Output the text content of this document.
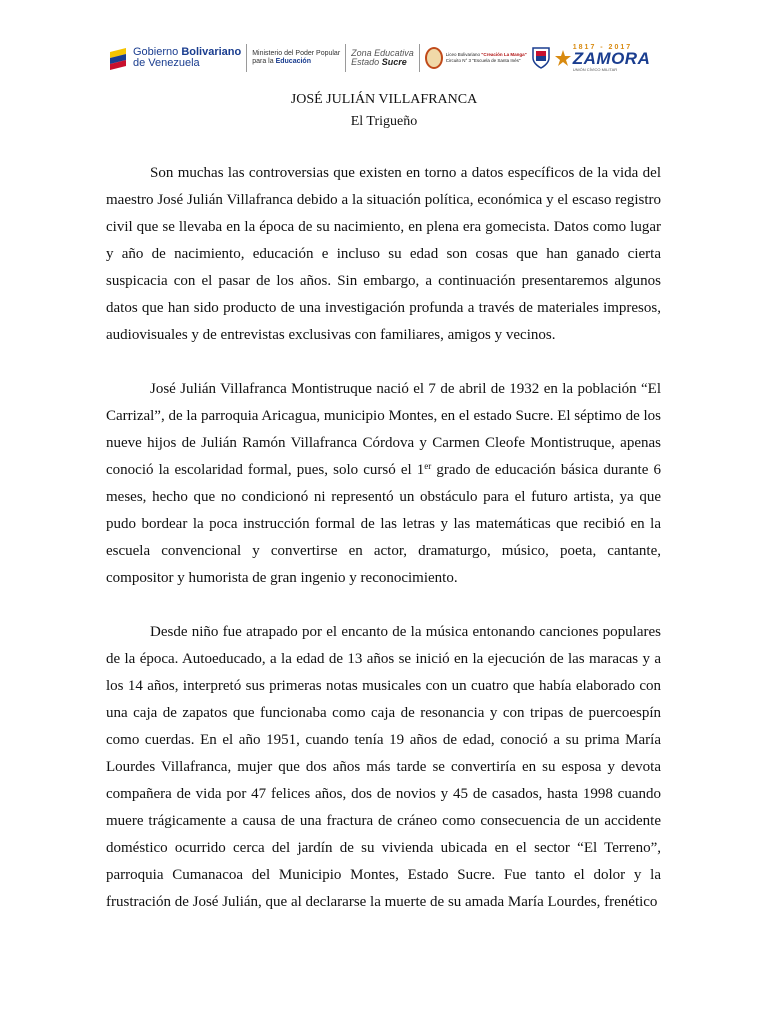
Gobierno Bolivariano
de Venezuela
Ministerio del Poder Popular
para la Educación
Zona Educativa
Estado Sucre
Liceo Bolivariano "Creación La Manga"
Circuito N° 3 "Escuela de Santa Inés"
1817 - 2017
ZAMORA
UNIÓN CÍVICO MILITAR
JOSÉ JULIÁN VILLAFRANCA
El Trigueño

Son muchas las controversias que existen en torno a datos específicos de la vida del maestro José Julián Villafranca debido a la situación política, económica y el escaso registro civil que se llevaba en la época de su nacimiento, en plena era gomecista. Datos como lugar y año de nacimiento, educación e incluso su edad son cosas que han ganado cierta suspicacia con el pasar de los años. Sin embargo, a continuación presentaremos algunos datos que han sido producto de una investigación profunda a través de materiales impresos, audiovisuales y de entrevistas exclusivas con familiares, amigos y vecinos.

José Julián Villafranca Montistruque nació el 7 de abril de 1932 en la población “El Carrizal”, de la parroquia Aricagua, municipio Montes, en el estado Sucre. El séptimo de los nueve hijos de Julián Ramón Villafranca Córdova y Carmen Cleofe Montistruque, apenas conoció la escolaridad formal, pues, solo cursó el 1er grado de educación básica durante 6 meses, hecho que no condicionó ni representó un obstáculo para el futuro artista, ya que pudo bordear la poca instrucción formal de las letras y las matemáticas que recibió en la escuela convencional y convertirse en actor, dramaturgo, músico, poeta, cantante, compositor y humorista de gran ingenio y reconocimiento.

Desde niño fue atrapado por el encanto de la música entonando canciones populares de la época. Autoeducado, a la edad de 13 años se inició en la ejecución de las maracas y a los 14 años, interpretó sus primeras notas musicales con un cuatro que había elaborado con una caja de zapatos que funcionaba como caja de resonancia y con tripas de puercoespín como cuerdas. En el año 1951, cuando tenía 19 años de edad, conoció a su prima María Lourdes Villafranca, mujer que dos años más tarde se convertiría en su esposa y devota compañera de vida por 47 felices años, dos de novios y 45 de casados, hasta 1998 cuando muere trágicamente a causa de una fractura de cráneo como consecuencia de un accidente doméstico ocurrido cerca del jardín de su vivienda ubicada en el sector “El Terreno”, parroquia Cumanacoa del Municipio Montes, Estado Sucre. Fue tanto el dolor y la frustración de José Julián, que al declararse la muerte de su amada María Lourdes, frenético
